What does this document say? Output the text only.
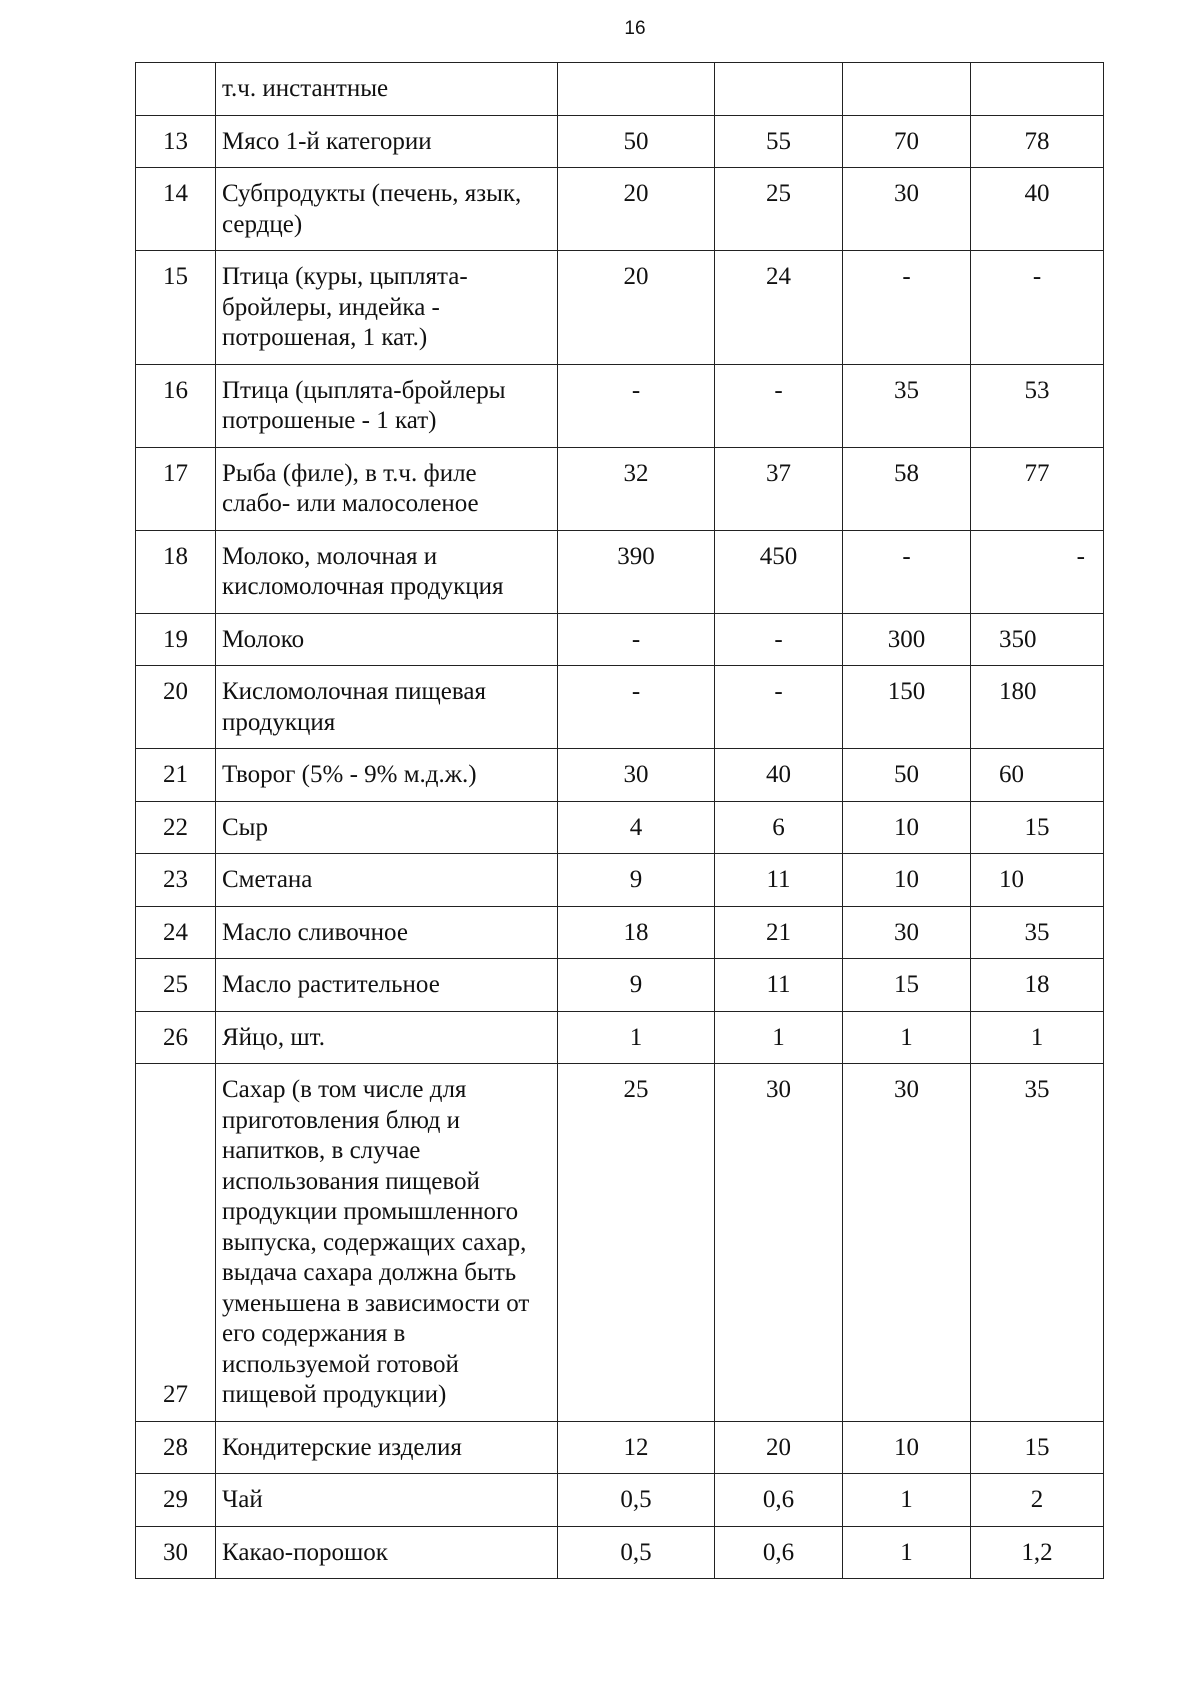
16
	т.ч. инстантные				
13	Мясо 1-й категории	50	55	70	78
14	Субпродукты (печень, язык, сердце)	20	25	30	40
15	Птица (куры, цыплята-бройлеры, индейка - потрошеная, 1 кат.)	20	24	-	-
16	Птица (цыплята-бройлеры потрошеные - 1 кат)	-	-	35	53
17	Рыба (филе), в т.ч. филе слабо- или малосоленое	32	37	58	77
18	Молоко, молочная и кисломолочная продукция	390	450	-	-
19	Молоко	-	-	300	350
20	Кисломолочная пищевая продукция	-	-	150	180
21	Творог (5% - 9% м.д.ж.)	30	40	50	60
22	Сыр	4	6	10	15
23	Сметана	9	11	10	10
24	Масло сливочное	18	21	30	35
25	Масло растительное	9	11	15	18
26	Яйцо, шт.	1	1	1	1
27	Сахар (в том числе для приготовления блюд и напитков, в случае использования пищевой продукции промышленного выпуска, содержащих сахар, выдача сахара должна быть уменьшена в зависимости от его содержания в используемой готовой пищевой продукции)	25	30	30	35
28	Кондитерские изделия	12	20	10	15
29	Чай	0,5	0,6	1	2
30	Какао-порошок	0,5	0,6	1	1,2
